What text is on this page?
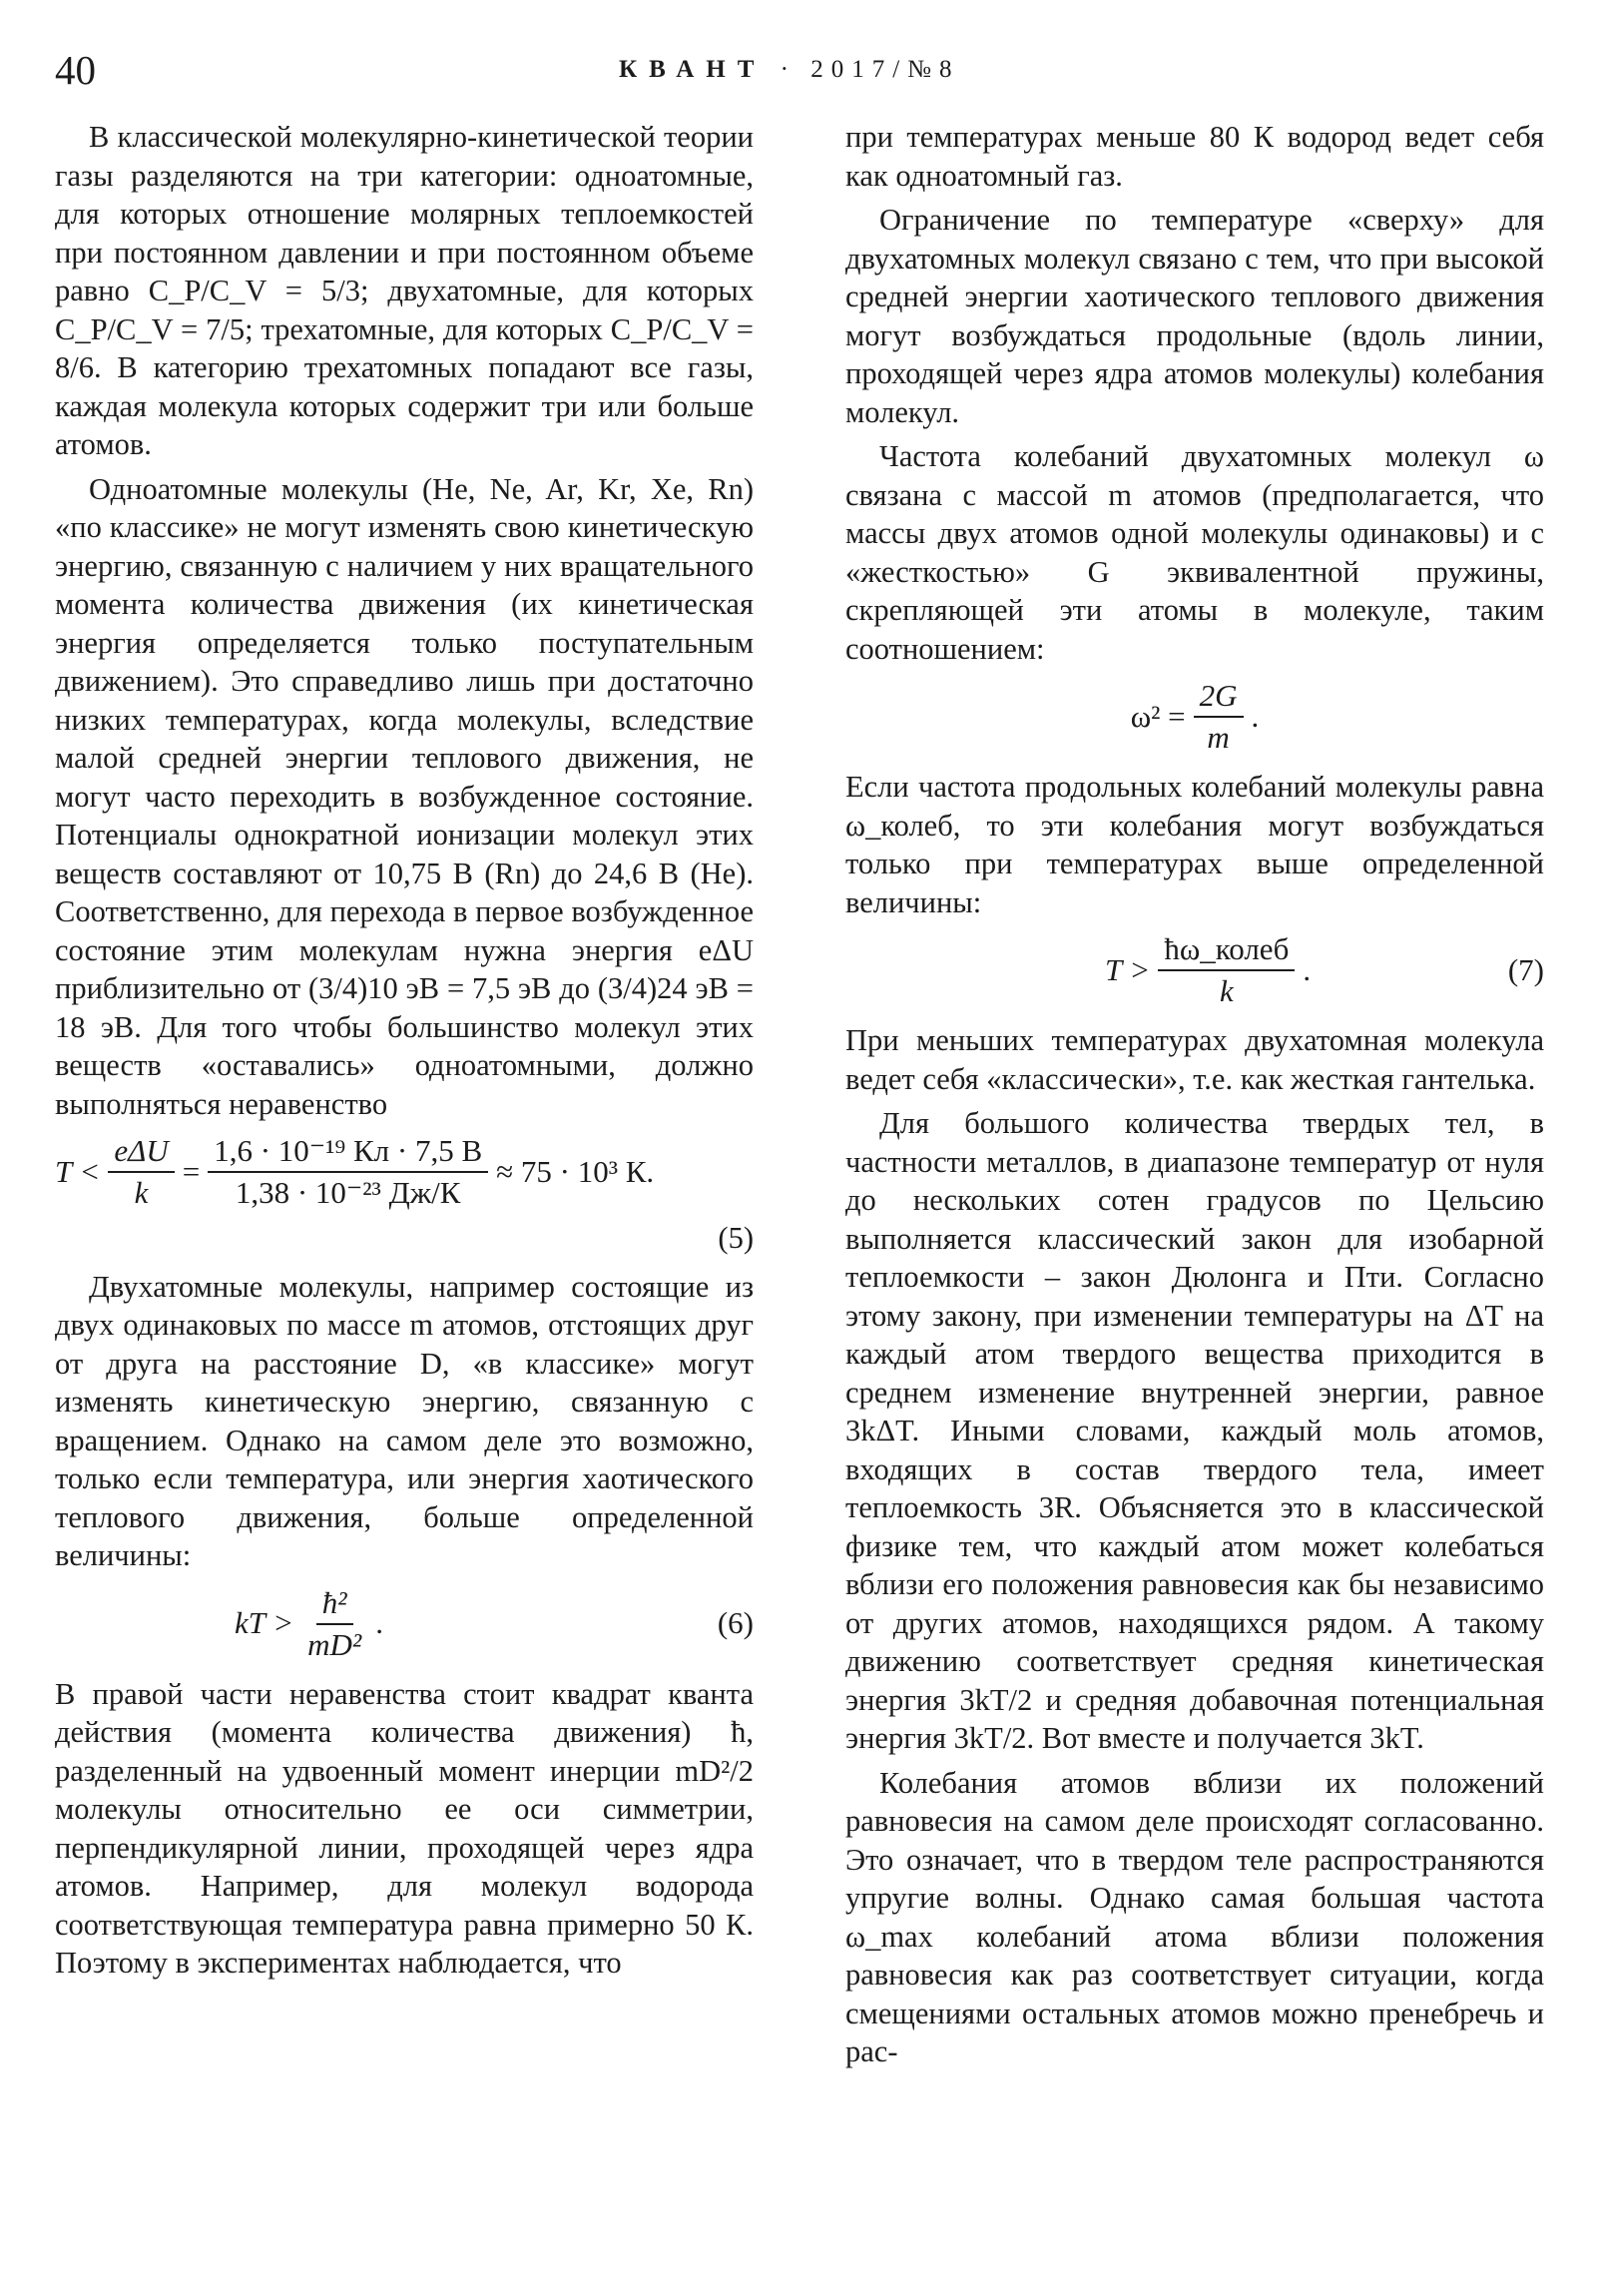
40	КВАНТ · 2017/№8

В классической молекулярно-кинетической теории газы разделяются на три категории: одноатомные, для которых отношение молярных теплоемкостей при постоянном давлении и при постоянном объеме равно C_P/C_V = 5/3; двухатомные, для которых C_P/C_V = 7/5; трехатомные, для которых C_P/C_V = 8/6. В категорию трехатомных попадают все газы, каждая молекула которых содержит три или больше атомов.

Одноатомные молекулы (He, Ne, Ar, Kr, Xe, Rn) «по классике» не могут изменять свою кинетическую энергию, связанную с наличием у них вращательного момента количества движения (их кинетическая энергия определяется только поступательным движением). Это справедливо лишь при достаточно низких температурах, когда молекулы, вследствие малой средней энергии теплового движения, не могут часто переходить в возбужденное состояние. Потенциалы однократной ионизации молекул этих веществ составляют от 10,75 В (Rn) до 24,6 В (He). Соответственно, для перехода в первое возбужденное состояние этим молекулам нужна энергия eΔU приблизительно от (3/4)10 эВ = 7,5 эВ до (3/4)24 эВ = 18 эВ. Для того чтобы большинство молекул этих веществ «оставались» одноатомными, должно выполняться неравенство

$T < \frac{\text{eΔU}}{k} = \frac{\text{1,6 · 10⁻¹⁹ Кл · 7,5 В}}{\text{1,38 · 10⁻²³ Дж/К}} \approx 75 \cdot 10^3$ К.
(5)

Двухатомные молекулы, например состоящие из двух одинаковых по массе m атомов, отстоящих друг от друга на расстояние D, «в классике» могут изменять кинетическую энергию, связанную с вращением. Однако на самом деле это возможно, только если температура, или энергия хаотического теплового движения, больше определенной величины:

kT > $\frac{\text{ħ²}}{\text{mD²}}$ .	(6)

В правой части неравенства стоит квадрат кванта действия (момента количества движения) ħ, разделенный на удвоенный момент инерции mD²/2 молекулы относительно ее оси симметрии, перпендикулярной линии, проходящей через ядра атомов. Например, для молекул водорода соответствующая температура равна примерно 50 К. Поэтому в экспериментах наблюдается, что

при температурах меньше 80 К водород ведет себя как одноатомный газ.

Ограничение по температуре «сверху» для двухатомных молекул связано с тем, что при высокой средней энергии хаотического теплового движения могут возбуждаться продольные (вдоль линии, проходящей через ядра атомов молекулы) колебания молекул.

Частота колебаний двухатомных молекул ω связана с массой m атомов (предполагается, что массы двух атомов одной молекулы одинаковы) и с «жесткостью» G эквивалентной пружины, скрепляющей эти атомы в молекуле, таким соотношением:

$\omega^2 = \frac{2G}{m}$ .

Если частота продольных колебаний молекулы равна ω_колеб, то эти колебания могут возбуждаться только при температурах выше определенной величины:

$T > \frac{\text{ħω\_колеб}}{k}$ .	(7)

При меньших температурах двухатомная молекула ведет себя «классически», т.е. как жесткая гантелька.

Для большого количества твердых тел, в частности металлов, в диапазоне температур от нуля до нескольких сотен градусов по Цельсию выполняется классический закон для изобарной теплоемкости – закон Дюлонга и Пти. Согласно этому закону, при изменении температуры на ΔT на каждый атом твердого вещества приходится в среднем изменение внутренней энергии, равное 3kΔT. Иными словами, каждый моль атомов, входящих в состав твердого тела, имеет теплоемкость 3R. Объясняется это в классической физике тем, что каждый атом может колебаться вблизи его положения равновесия как бы независимо от других атомов, находящихся рядом. А такому движению соответствует средняя кинетическая энергия 3kT/2 и средняя добавочная потенциальная энергия 3kT/2. Вот вместе и получается 3kT.

Колебания атомов вблизи их положений равновесия на самом деле происходят согласованно. Это означает, что в твердом теле распространяются упругие волны. Однако самая большая частота ω_max колебаний атома вблизи положения равновесия как раз соответствует ситуации, когда смещениями остальных атомов можно пренебречь и рас-
